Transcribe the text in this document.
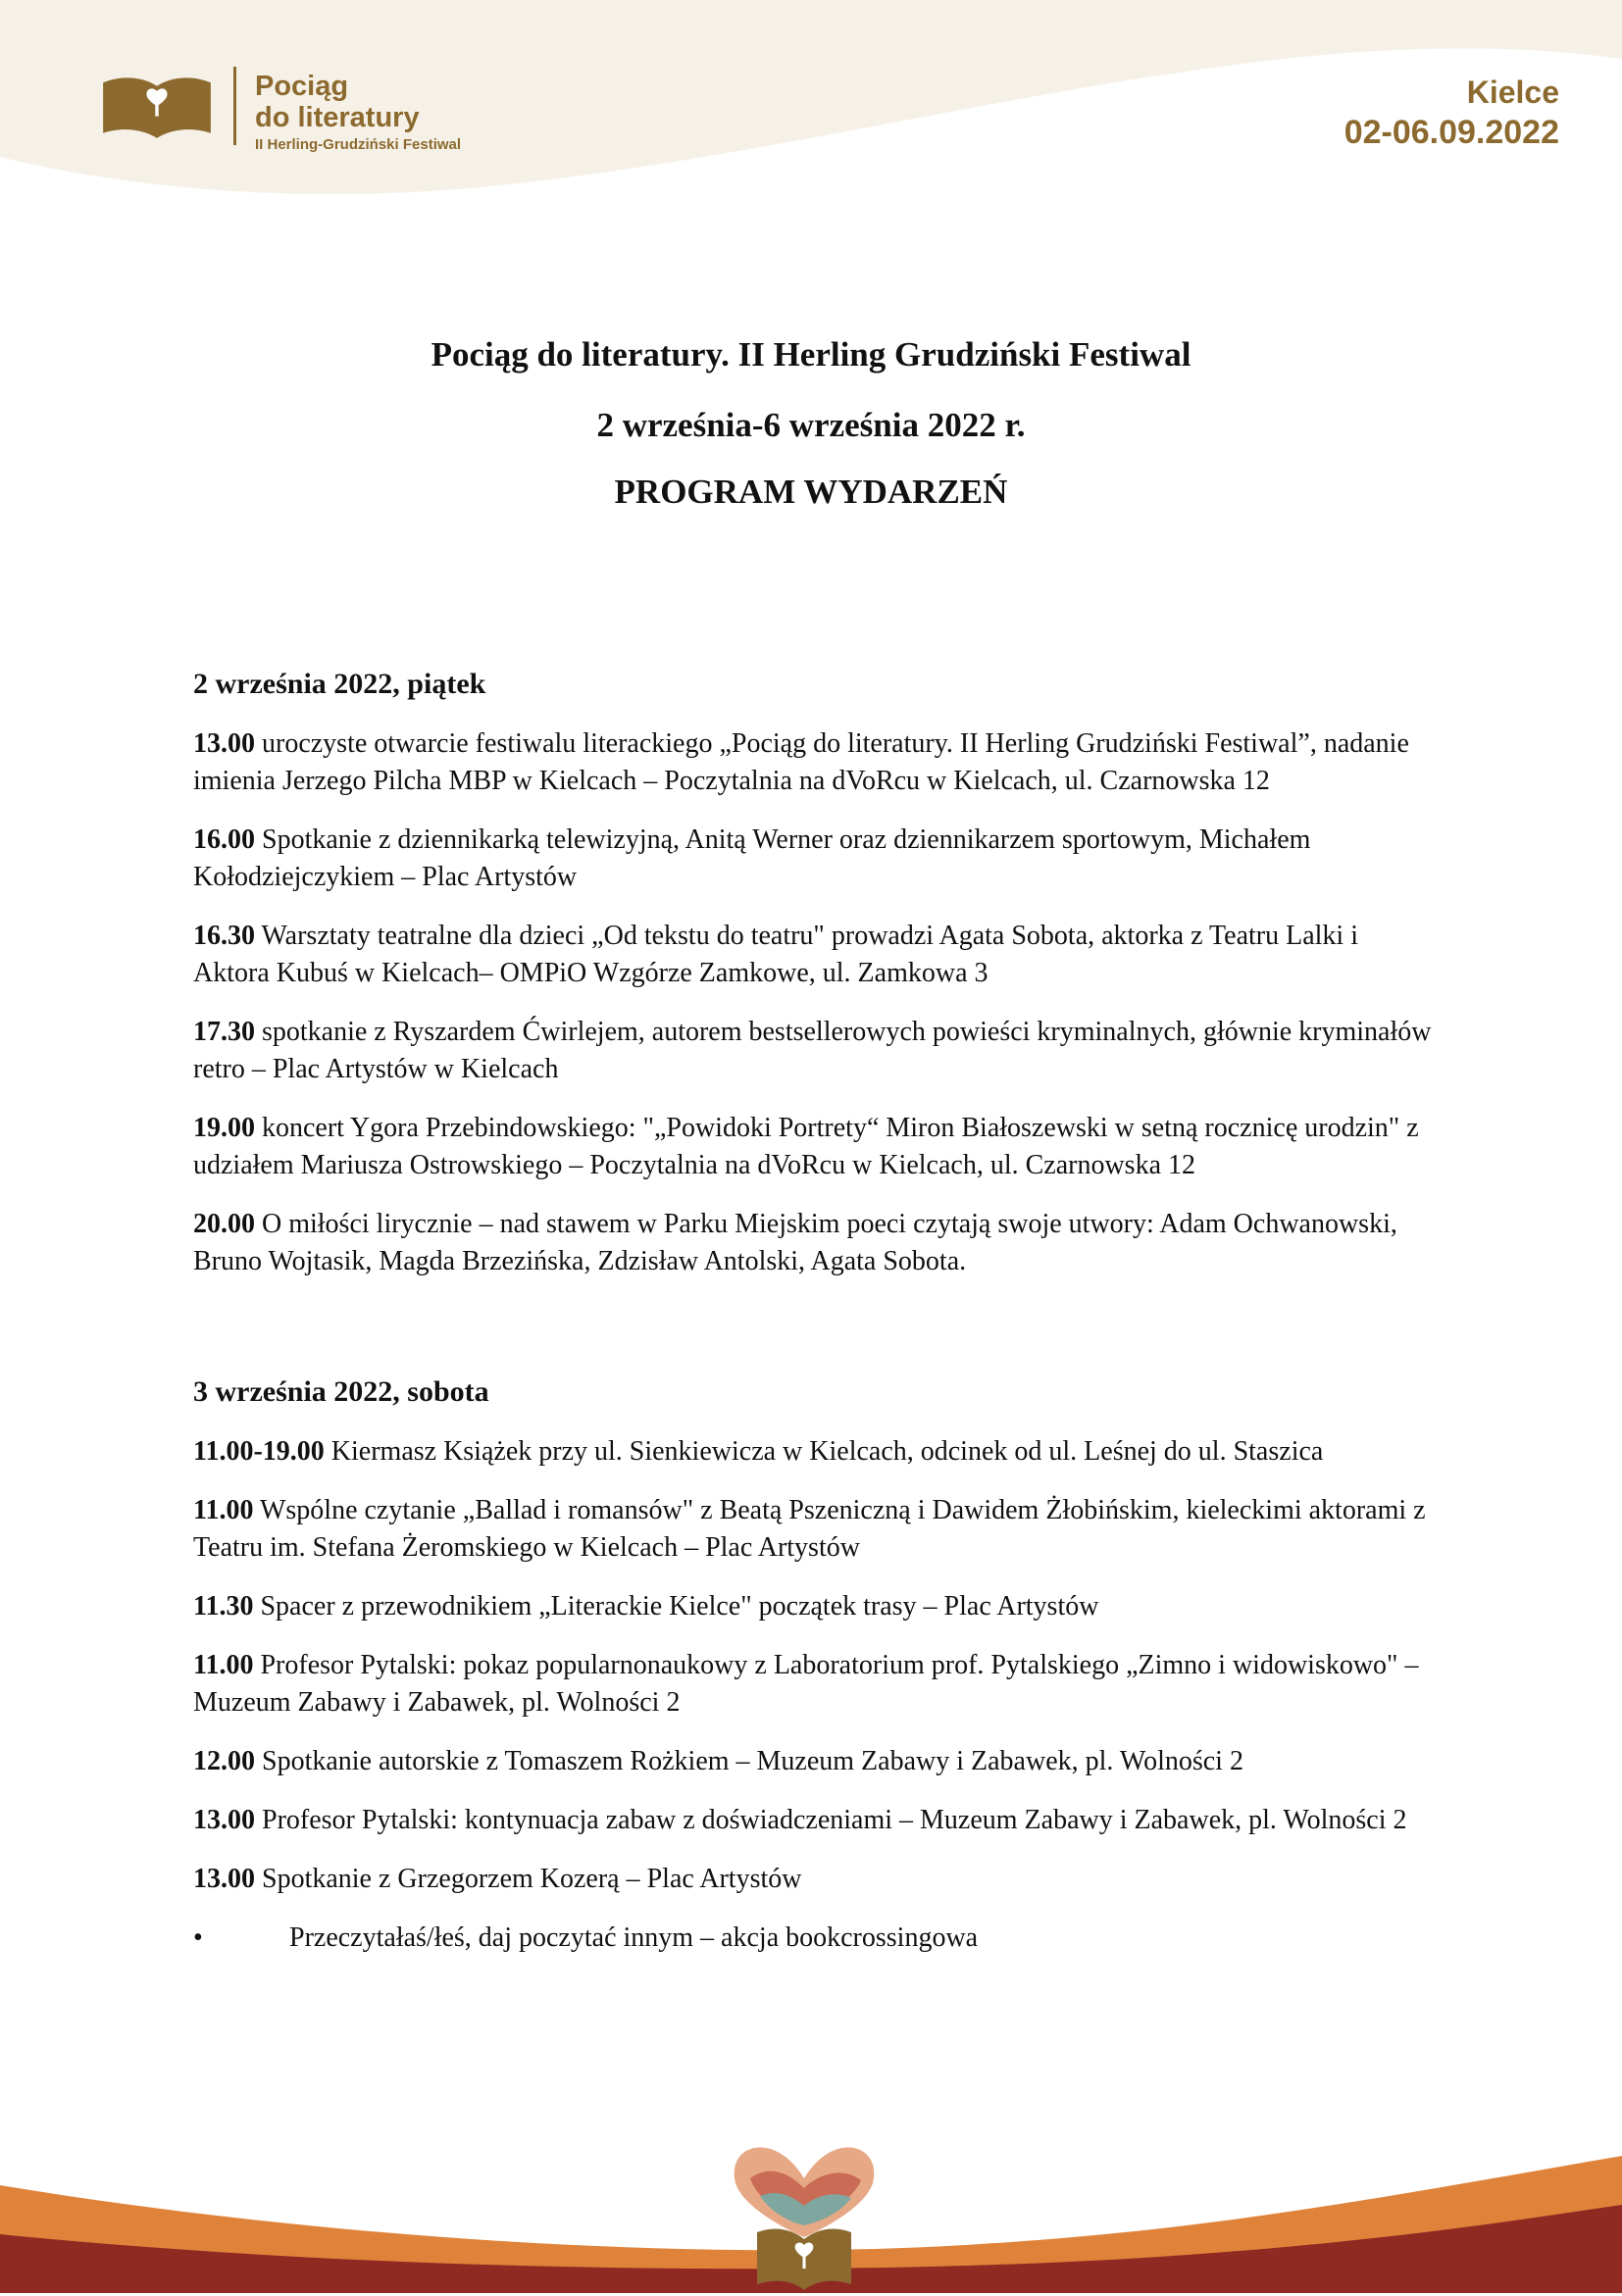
Pociąg
do literatury
II Herling-Grudziński Festiwal
Kielce
02-06.09.2022
Pociąg do literatury. II Herling Grudziński Festiwal
2 września-6 września 2022 r.
PROGRAM WYDARZEŃ
2 września 2022, piątek
13.00 uroczyste otwarcie festiwalu literackiego „Pociąg do literatury. II Herling Grudziński Festiwal”, nadanie imienia Jerzego Pilcha MBP w Kielcach – Poczytalnia na dVoRcu w Kielcach, ul. Czarnowska 12
16.00 Spotkanie z dziennikarką telewizyjną, Anitą Werner oraz dziennikarzem sportowym, Michałem Kołodziejczykiem – Plac Artystów
16.30 Warsztaty teatralne dla dzieci „Od tekstu do teatru" prowadzi Agata Sobota, aktorka z Teatru Lalki i Aktora Kubuś w Kielcach– OMPiO Wzgórze Zamkowe, ul. Zamkowa 3
17.30 spotkanie z Ryszardem Ćwirlejem, autorem bestsellerowych powieści kryminalnych, głównie kryminałów retro – Plac Artystów w Kielcach
19.00 koncert Ygora Przebindowskiego: "„Powidoki Portrety“ Miron Białoszewski w setną rocznicę urodzin" z udziałem Mariusza Ostrowskiego – Poczytalnia na dVoRcu w Kielcach, ul. Czarnowska 12
20.00 O miłości lirycznie – nad stawem w Parku Miejskim poeci czytają swoje utwory: Adam Ochwanowski, Bruno Wojtasik, Magda Brzezińska, Zdzisław Antolski, Agata Sobota.
3 września 2022, sobota
11.00-19.00 Kiermasz Książek przy ul. Sienkiewicza w Kielcach, odcinek od ul. Leśnej do ul. Staszica
11.00 Wspólne czytanie „Ballad i romansów" z Beatą Pszeniczną i Dawidem Żłobińskim, kieleckimi aktorami z Teatru im. Stefana Żeromskiego w Kielcach – Plac Artystów
11.30 Spacer z przewodnikiem „Literackie Kielce" początek trasy – Plac Artystów
11.00 Profesor Pytalski: pokaz popularnonaukowy z Laboratorium prof. Pytalskiego „Zimno i widowiskowo" – Muzeum Zabawy i Zabawek, pl. Wolności 2
12.00 Spotkanie autorskie z Tomaszem Rożkiem – Muzeum Zabawy i Zabawek, pl. Wolności 2
13.00 Profesor Pytalski: kontynuacja zabaw z doświadczeniami – Muzeum Zabawy i Zabawek, pl. Wolności 2
13.00 Spotkanie z Grzegorzem Kozerą – Plac Artystów
•	Przeczytałaś/łeś, daj poczytać innym – akcja bookcrossingowa
